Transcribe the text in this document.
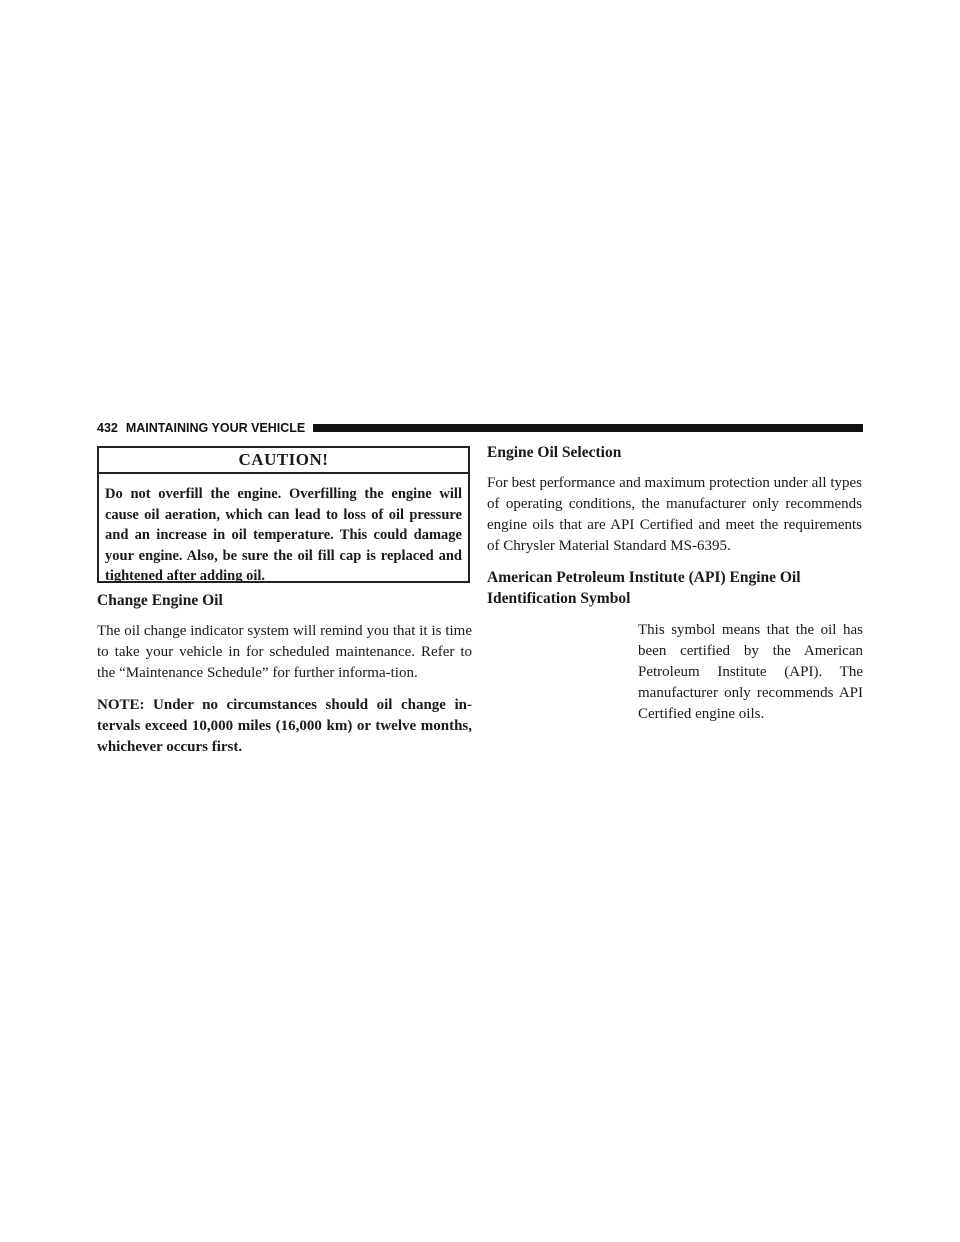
432 MAINTAINING YOUR VEHICLE
CAUTION!
Do not overfill the engine. Overfilling the engine will cause oil aeration, which can lead to loss of oil pressure and an increase in oil temperature. This could damage your engine. Also, be sure the oil fill cap is replaced and tightened after adding oil.
Change Engine Oil

The oil change indicator system will remind you that it is time to take your vehicle in for scheduled maintenance. Refer to the “Maintenance Schedule” for further informa-tion.

NOTE: Under no circumstances should oil change in-tervals exceed 10,000 miles (16,000 km) or twelve months, whichever occurs first.

Engine Oil Selection

For best performance and maximum protection under all types of operating conditions, the manufacturer only recommends engine oils that are API Certified and meet the requirements of Chrysler Material Standard MS-6395.

American Petroleum Institute (API) Engine Oil Identification Symbol

This symbol means that the oil has been certified by the American Petroleum Institute (API). The manufacturer only recommends API Certified engine oils.
